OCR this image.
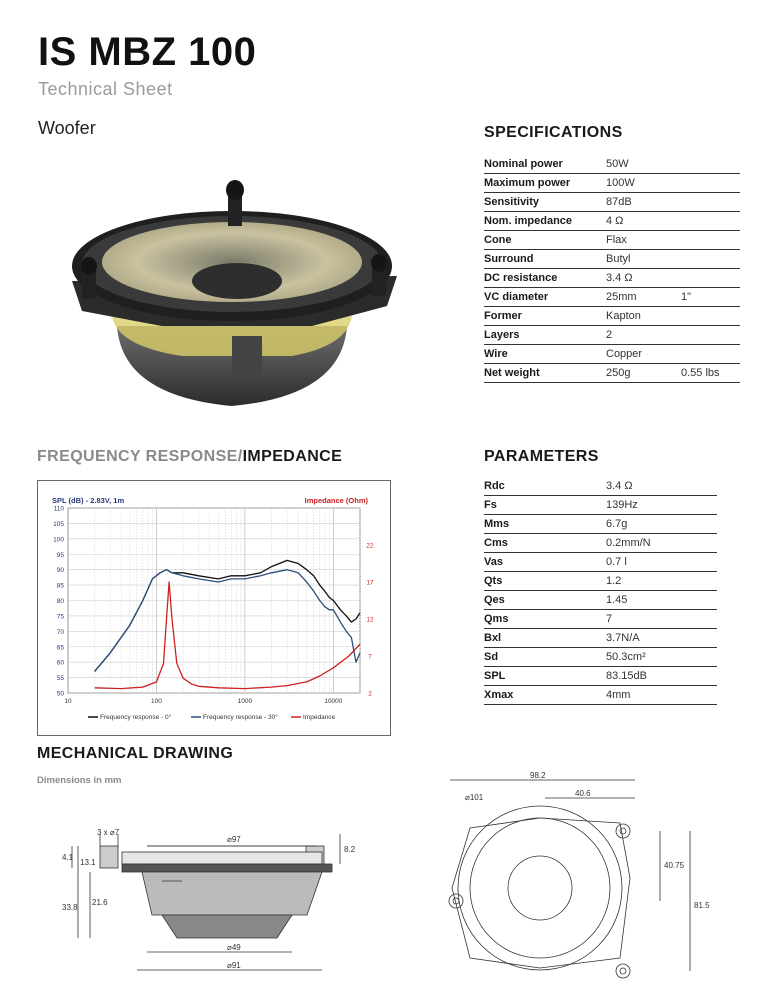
IS MBZ 100
Technical Sheet
Woofer	SPECIFICATIONS
Nominal power	50W	
Maximum power	100W	
Sensitivity	87dB	
Nom. impedance	4 Ω	
Cone	Flax	
Surround	Butyl	
DC resistance	3.4 Ω	
VC diameter	25mm	1"
Former	Kapton	
Layers	2	
Wire	Copper	
Net weight	250g	0.55 lbs
PARAMETERS
Rdc	3.4 Ω
Fs	139Hz
Mms	6.7g
Cms	0.2mm/N
Vas	0.7 l
Qts	1.2
Qes	1.45
Qms	7
Bxl	3.7N/A
Sd	50.3cm²
SPL	83.15dB
Xmax	4mm
FREQUENCY RESPONSE/IMPEDANCE
SPL (dB) - 2.83V, 1m	Impedance (Ohm)
50
55
60
65
70
75
80
85
90
95
100
105
110
2
7
12
17
22
10	100	1000	10000
Frequency response - 0°	Frequency response - 30°	Impedance
MECHANICAL DRAWING
Dimensions in mm
3 x ⌀7
⌀97
⌀49
⌀91
4.1
13.1
8.2
21.6
33.8
98.2
⌀101	40.6
40.75
81.5
